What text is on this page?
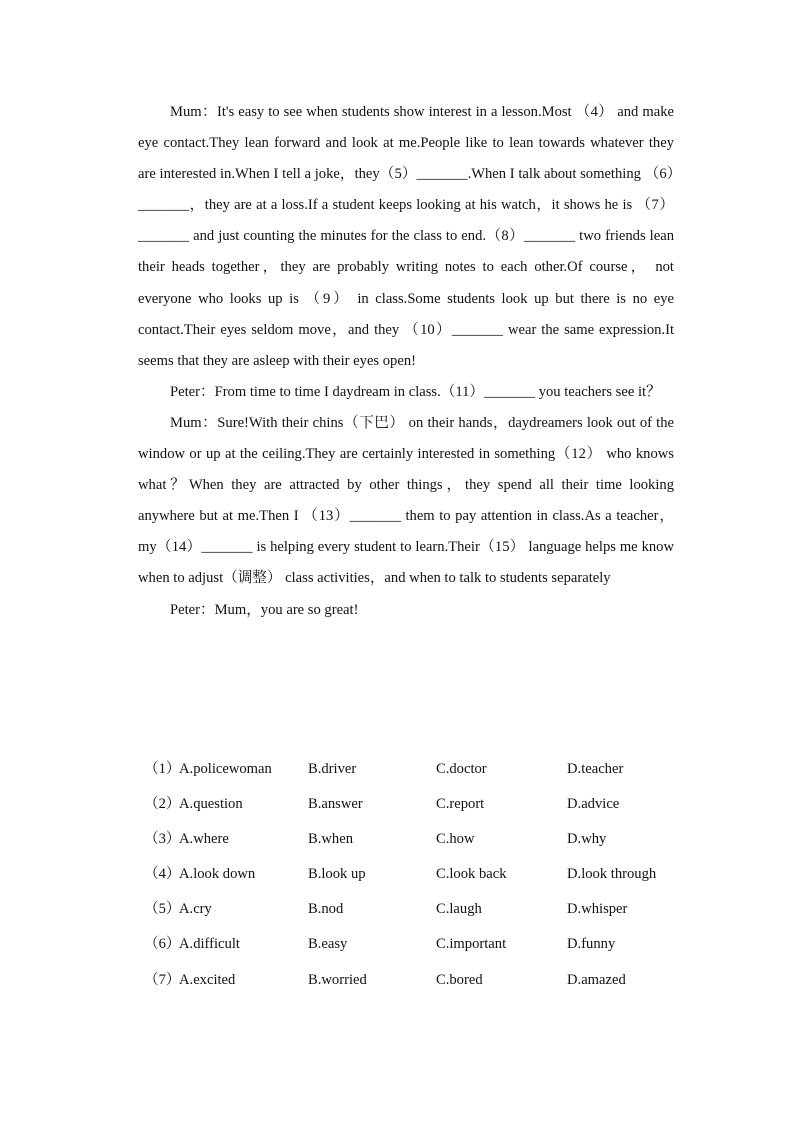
Mum：It's easy to see when students show interest in a lesson.Most （4） and make eye contact.They lean forward and look at me.People like to lean towards whatever they are interested in.When I tell a joke，they（5）_______.When I talk about something （6）_______，they are at a loss.If a student keeps looking at his watch，it shows he is （7）_______ and just counting the minutes for the class to end.（8）_______ two friends lean their heads together，they are probably writing notes to each other.Of course， not everyone who looks up is （9） in class.Some students look up but there is no eye contact.Their eyes seldom move，and they （10）_______ wear the same expression.It seems that they are asleep with their eyes open!

Peter：From time to time I daydream in class.（11）_______ you teachers see it？

Mum：Sure!With their chins（下巴） on their hands，daydreamers look out of the window or up at the ceiling.They are certainly interested in something（12） who knows what？When they are attracted by other things，they spend all their time looking anywhere but at me.Then I （13）_______ them to pay attention in class.As a teacher，my（14）_______ is helping every student to learn.Their（15） language helps me know when to adjust（调整） class activities，and when to talk to students separately

Peter：Mum，you are so great!

（1）
A.policewoman	B.driver	C.doctor	D.teacher
（2）
A.question	B.answer	C.report	D.advice
（3）
A.where	B.when	C.how	D.why
（4）
A.look down	B.look up	C.look back	D.look through
（5）
A.cry	B.nod	C.laugh	D.whisper
（6）
A.difficult	B.easy	C.important	D.funny
（7）
A.excited	B.worried	C.bored	D.amazed
